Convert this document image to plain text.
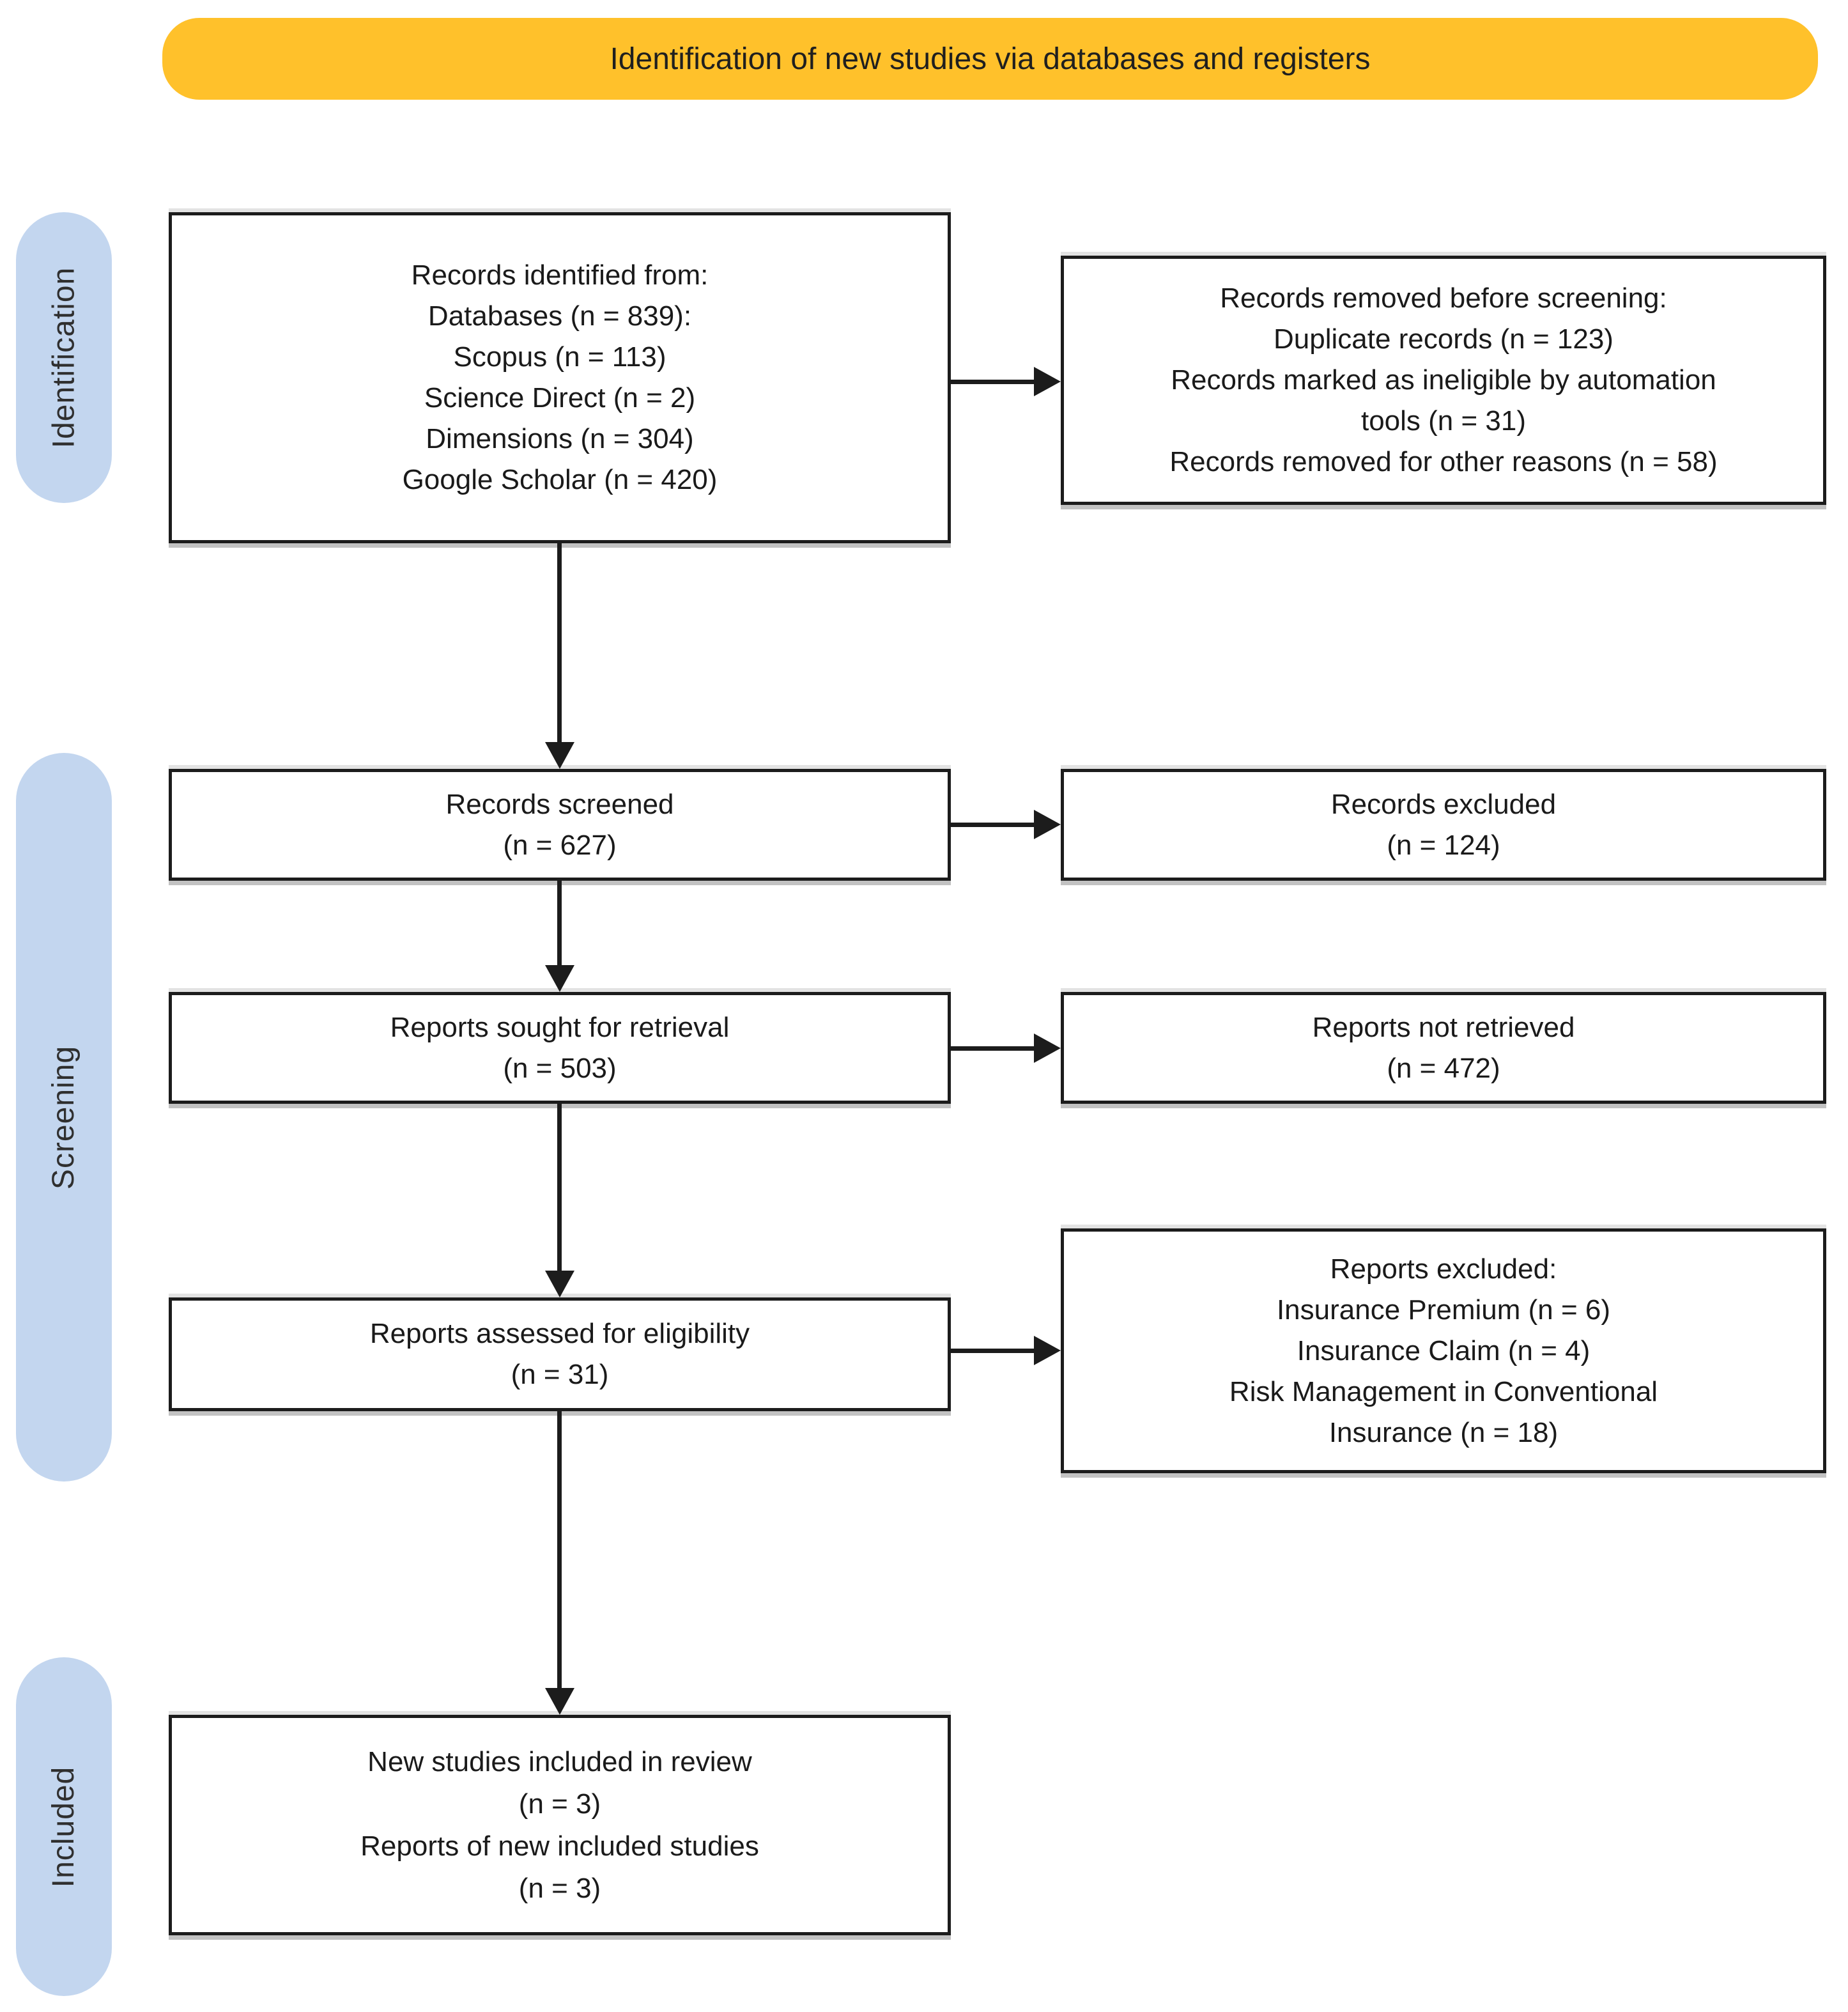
Identification of new studies via databases and registers
Identification
Screening
Included
Records identified from:
Databases (n = 839):
Scopus (n = 113)
Science Direct (n = 2)
Dimensions (n = 304)
Google Scholar (n = 420)
Records screened
(n = 627)
Reports sought for retrieval
(n = 503)
Reports assessed for eligibility
(n = 31)
New studies included in review
(n = 3)
Reports of new included studies
(n = 3)
Records removed before screening:
Duplicate records (n = 123)
Records marked as ineligible by automation
tools (n = 31)
Records removed for other reasons (n = 58)
Records excluded
(n = 124)
Reports not retrieved
(n = 472)
Reports excluded:
Insurance Premium (n = 6)
Insurance Claim (n = 4)
Risk Management in Conventional
Insurance (n = 18)
